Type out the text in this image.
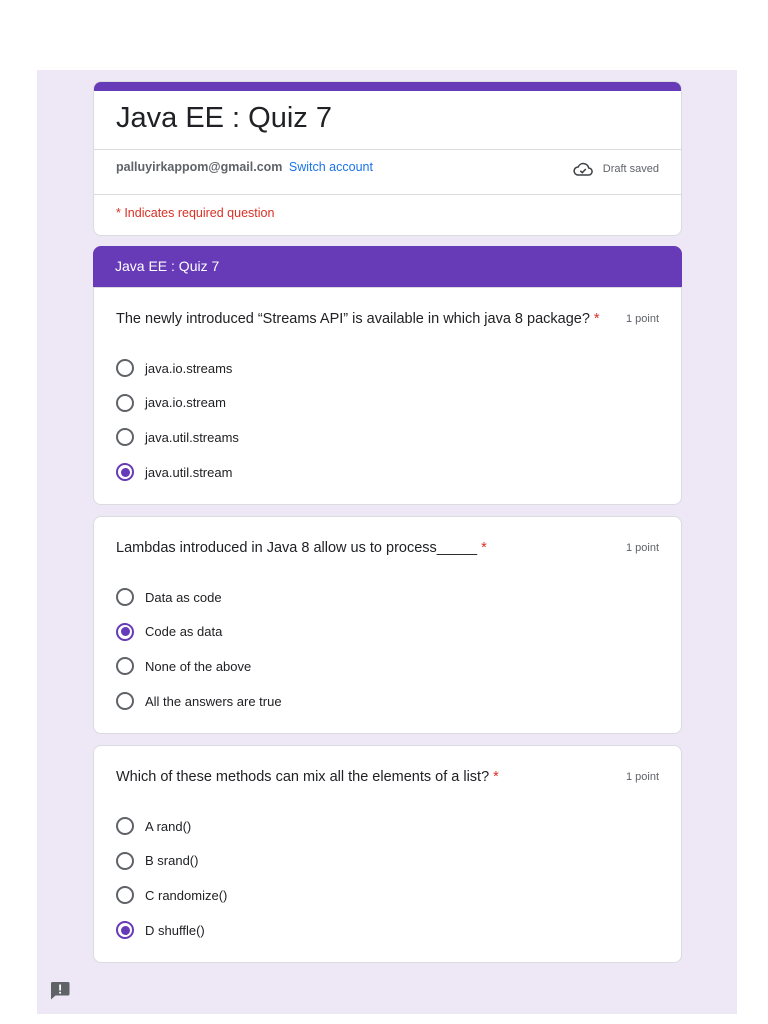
Java EE : Quiz 7
palluyirkappom@gmail.com Switch account	Draft saved
* Indicates required question
Java EE : Quiz 7
The newly introduced “Streams API” is available in which java 8 package? * 1 point
java.io.streams
java.io.stream
java.util.streams
java.util.stream
Lambdas introduced in Java 8 allow us to process_____ *	1 point
Data as code
Code as data
None of the above
All the answers are true
Which of these methods can mix all the elements of a list? *	1 point
A rand()
B srand()
C randomize()
D shuffle()
